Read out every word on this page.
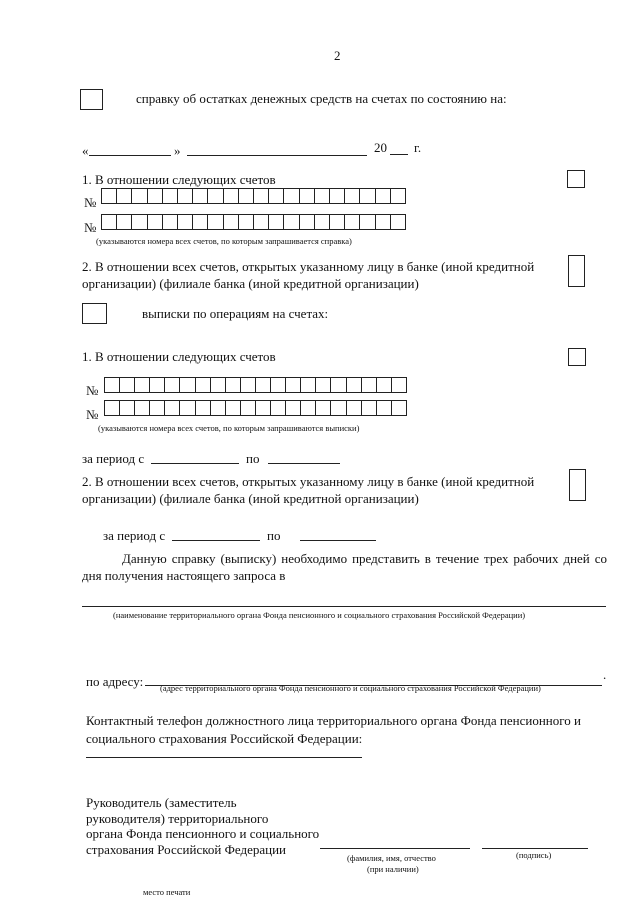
2
справку об остатках денежных средств на счетах по состоянию на:
«	»	20 г.
1. В отношении следующих счетов
№
№
(указываются номера всех счетов, по которым запрашивается справка)
2. В отношении всех счетов, открытых указанному лицу в банке (иной кредитной
организации) (филиале банка (иной кредитной организации)
выписки по операциям на счетах:
1. В отношении следующих счетов
№
№
(указываются номера всех счетов, по которым запрашиваются выписки)
за период с	по
2. В отношении всех счетов, открытых указанному лицу в банке (иной кредитной
организации) (филиале банка (иной кредитной организации)
за период с	по
Данную справку (выписку) необходимо представить в течение трех рабочих дней со
дня получения настоящего запроса в
(наименование территориального органа Фонда пенсионного и социального страхования Российской Федерации)
по адресу:	.
(адрес территориального органа Фонда пенсионного и социального страхования Российской Федерации)
Контактный телефон должностного лица территориального органа Фонда пенсионного и
социального страхования Российской Федерации:
Руководитель (заместитель
руководителя) территориального
органа Фонда пенсионного и социального
страхования Российской Федерации
(фамилия, имя, отчество	(подпись)
(при наличии)
место печати
